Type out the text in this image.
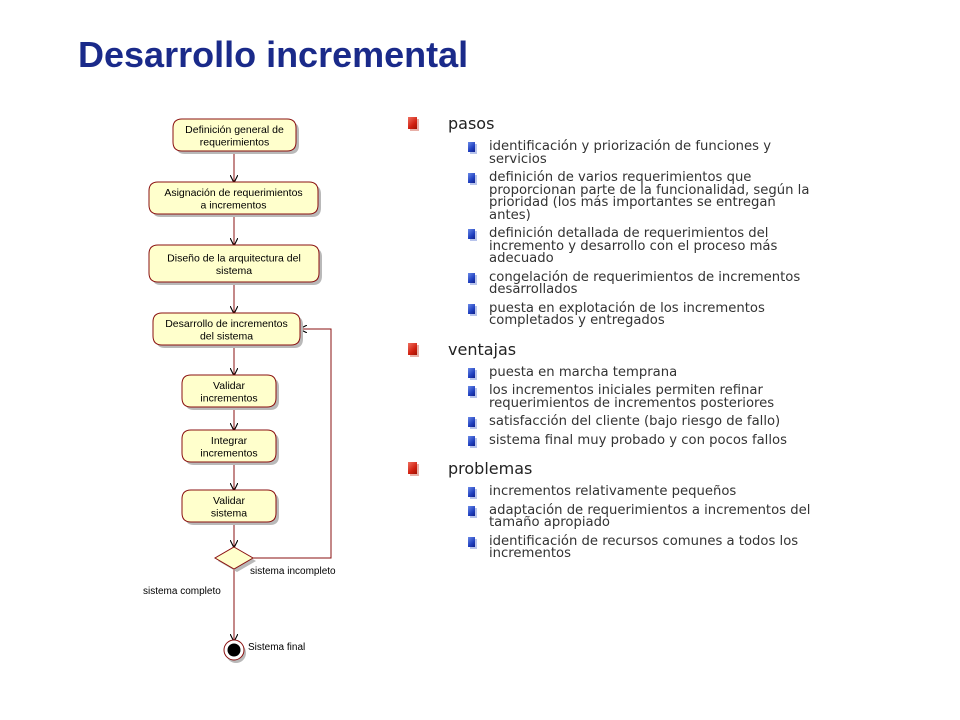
Desarrollo incremental
sistema incompleto
sistema completo
Sistema final
Definición general de
requerimientos
Asignación de requerimientos
a incrementos
Diseño de la arquitectura del
sistema
Desarrollo de incrementos
del sistema
Validar
incrementos
Integrar
incrementos
Validar
sistema
pasos
identificación y priorización de funciones y
servicios
definición de varios requerimientos que
proporcionan parte de la funcionalidad, según la
prioridad (los más importantes se entregan
antes)
definición detallada de requerimientos del
incremento y desarrollo con el proceso más
adecuado
congelación de requerimientos de incrementos
desarrollados
puesta en explotación de los incrementos
completados y entregados
ventajas
puesta en marcha temprana
los incrementos iniciales permiten refinar
requerimientos de incrementos posteriores
satisfacción del cliente (bajo riesgo de fallo)
sistema final muy probado y con pocos fallos
problemas
incrementos relativamente pequeños
adaptación de requerimientos a incrementos del
tamaño apropiado
identificación de recursos comunes a todos los
incrementos
